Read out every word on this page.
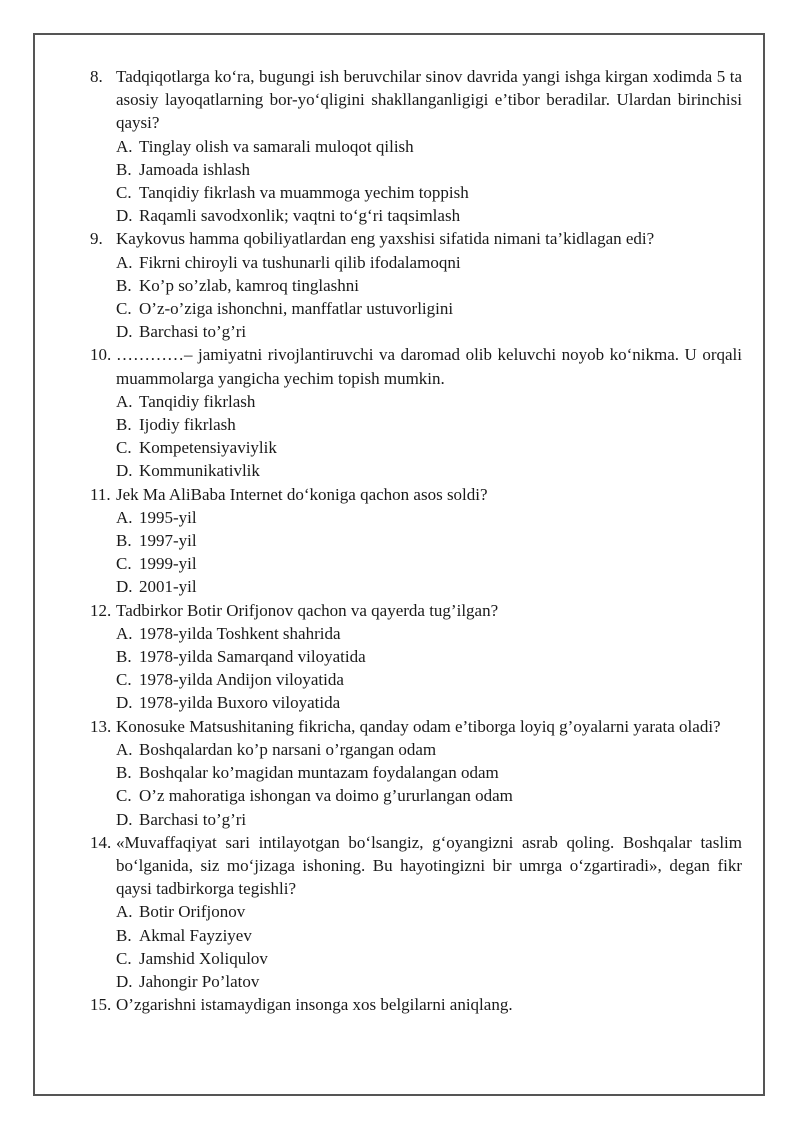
8. Tadqiqotlarga ko‘ra, bugungi ish beruvchilar sinov davrida yangi ishga kirgan xodimda 5 ta asosiy layoqatlarning bor-yo‘qligini shakllanganligigi e’tibor beradilar. Ulardan birinchisi qaysi?

A. Tinglay olish va samarali muloqot qilish
B. Jamoada ishlash
C. Tanqidiy fikrlash va muammoga yechim toppish
D. Raqamli savodxonlik; vaqtni to‘g‘ri taqsimlash
9. Kaykovus hamma qobiliyatlardan eng yaxshisi sifatida nimani ta’kidlagan edi?

A. Fikrni chiroyli va tushunarli qilib ifodalamoqni
B. Ko’p so’zlab, kamroq tinglashni
C. O’z-o’ziga ishonchni, manffatlar ustuvorligini
D. Barchasi to’g’ri
10. …………– jamiyatni rivojlantiruvchi va daromad olib keluvchi noyob ko‘nikma. U orqali muammolarga yangicha yechim topish mumkin.

A. Tanqidiy fikrlash
B. Ijodiy fikrlash
C. Kompetensiyaviylik
D. Kommunikativlik
11. Jek Ma AliBaba Internet do‘koniga qachon asos soldi?

A. 1995-yil
B. 1997-yil
C. 1999-yil
D. 2001-yil
12. Tadbirkor Botir Orifjonov qachon va qayerda tug’ilgan?

A. 1978-yilda Toshkent shahrida
B. 1978-yilda Samarqand viloyatida
C. 1978-yilda Andijon viloyatida
D. 1978-yilda Buxoro viloyatida
13. Konosuke Matsushitaning fikricha, qanday odam e’tiborga loyiq g’oyalarni yarata oladi?

A. Boshqalardan ko’p narsani o’rgangan odam
B. Boshqalar ko’magidan muntazam foydalangan odam
C. O’z mahoratiga ishongan va doimo g’ururlangan odam
D. Barchasi to’g’ri
14. «Muvaffaqiyat sari intilayotgan bo‘lsangiz, g‘oyangizni asrab qoling. Boshqalar taslim bo‘lganida, siz mo‘jizaga ishoning. Bu hayotingizni bir umrga o‘zgartiradi», degan fikr qaysi tadbirkorga tegishli?

A. Botir Orifjonov
B. Akmal Fayziyev
C. Jamshid Xoliqulov
D. Jahongir Po’latov
15. O’zgarishni istamaydigan insonga xos belgilarni aniqlang.
